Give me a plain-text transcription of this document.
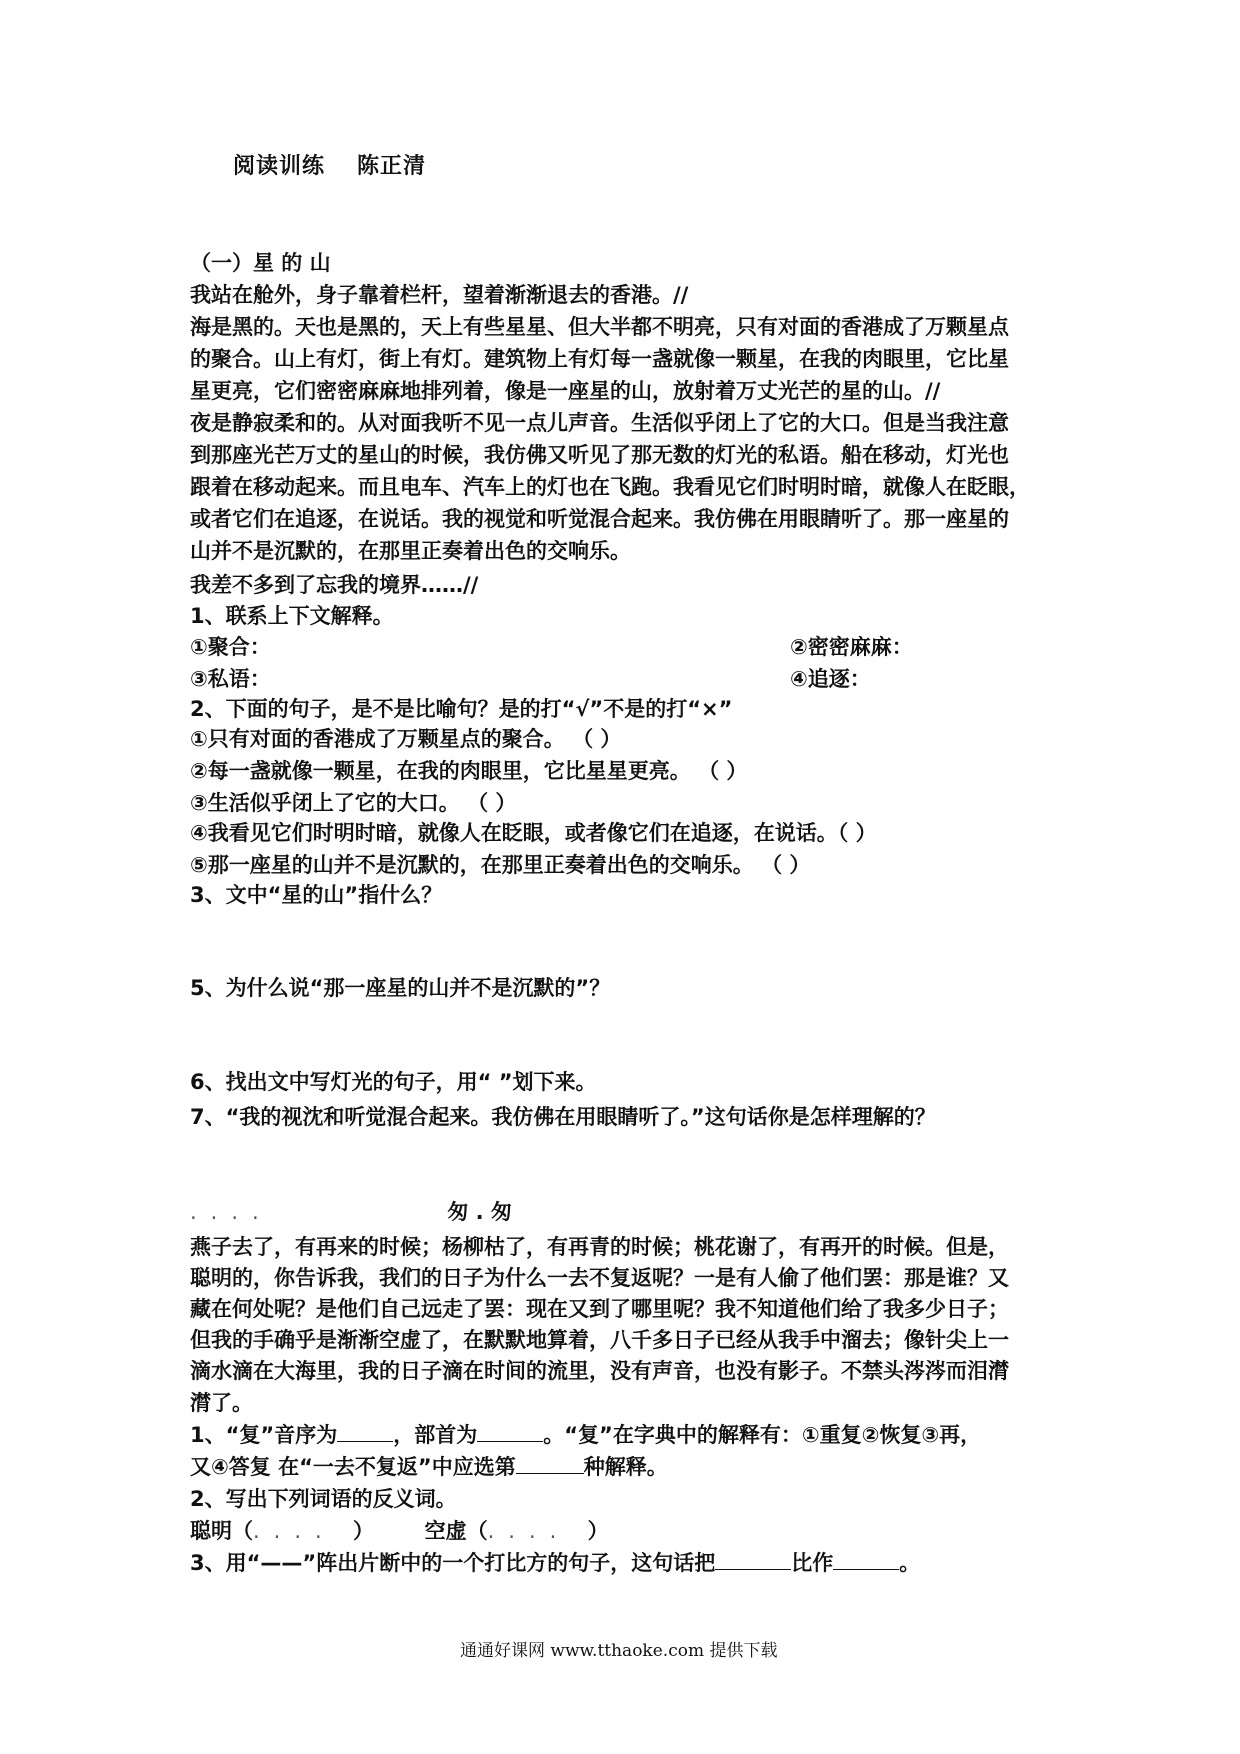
阅读训练 陈正清
（一）星 的 山
我站在舱外，身子靠着栏杆，望着渐渐退去的香港。//
海是黑的。天也是黑的，天上有些星星、但大半都不明亮，只有对面的香港成了万颗星点
的聚合。山上有灯，街上有灯。建筑物上有灯每一盏就像一颗星，在我的肉眼里，它比星
星更亮，它们密密麻麻地排列着，像是一座星的山，放射着万丈光芒的星的山。//
夜是静寂柔和的。从对面我听不见一点儿声音。生活似乎闭上了它的大口。但是当我注意
到那座光芒万丈的星山的时候，我仿佛又听见了那无数的灯光的私语。船在移动，灯光也
跟着在移动起来。而且电车、汽车上的灯也在飞跑。我看见它们时明时暗，就像人在眨眼，
或者它们在追逐，在说话。我的视觉和听觉混合起来。我仿佛在用眼睛听了。那一座星的
山并不是沉默的，在那里正奏着出色的交响乐。
我差不多到了忘我的境界……//
1、联系上下文解释。
①聚合：	②密密麻麻：
③私语：	④追逐：
2、下面的句子，是不是比喻句？是的打“√”不是的打“×”
①只有对面的香港成了万颗星点的聚合。 （ ）
②每一盏就像一颗星，在我的肉眼里，它比星星更亮。 （ ）
③生活似乎闭上了它的大口。 （ ）
④我看见它们时明时暗，就像人在眨眼，或者像它们在追逐，在说话。（ ）
⑤那一座星的山并不是沉默的，在那里正奏着出色的交响乐。 （ ）
3、文中“星的山”指什么？
5、为什么说“那一座星的山并不是沉默的”？
6、找出文中写灯光的句子，用“ ”划下来。
7、“我的视沈和听觉混合起来。我仿佛在用眼睛听了。”这句话你是怎样理解的？
....	匆 . 匆
燕子去了，有再来的时候；杨柳枯了，有再青的时候；桃花谢了，有再开的时候。但是，
聪明的，你告诉我，我们的日子为什么一去不复返呢？一是有人偷了他们罢：那是谁？又
藏在何处呢？是他们自己远走了罢：现在又到了哪里呢？我不知道他们给了我多少日子；
但我的手确乎是渐渐空虚了，在默默地算着，八千多日子已经从我手中溜去；像针尖上一
滴水滴在大海里，我的日子滴在时间的流里，没有声音，也没有影子。不禁头涔涔而泪潸
潸了。
1、“复”音序为	，部首为	。“复”在字典中的解释有：①重复②恢复③再，
又④答复 在“一去不复返”中应选第	种解释。
2、写出下列词语的反义词。
聪明（.... ） 空虚（.... ）
3、用“——”阵出片断中的一个打比方的句子，这句话把	比作	。
通通好课网 www.tthaoke.com 提供下载
